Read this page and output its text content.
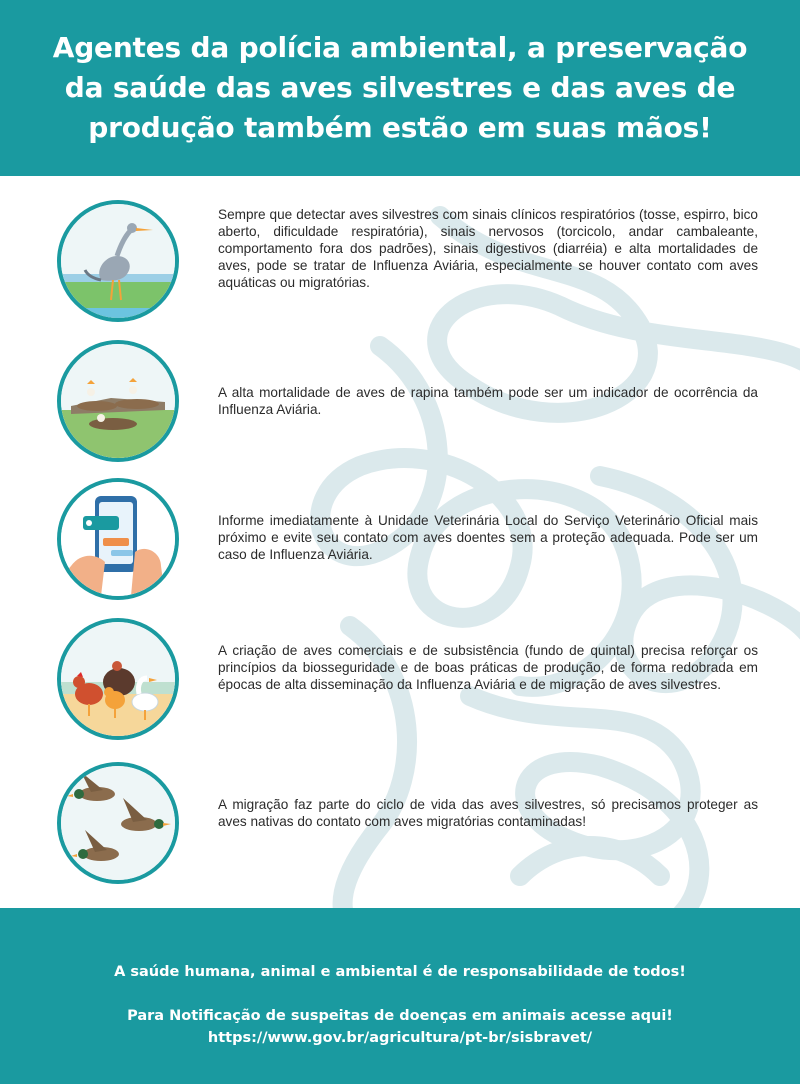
Agentes da polícia ambiental, a preservação da saúde das aves silvestres e das aves de produção também estão em suas mãos!
Sempre que detectar aves silvestres com sinais clínicos respiratórios (tosse, espirro, bico aberto, dificuldade respiratória), sinais nervosos (torcicolo, andar cambaleante, comportamento fora dos padrões), sinais digestivos (diarréia) e alta mortalidades de aves, pode se tratar de Influenza Aviária, especialmente se houver contato com aves aquáticas ou migratórias.
A alta mortalidade de aves de rapina também pode ser um indicador de ocorrência da Influenza Aviária.
Informe imediatamente à Unidade Veterinária Local do Serviço Veterinário Oficial mais próximo e evite seu contato com aves doentes sem a proteção adequada. Pode ser um caso de Influenza Aviária.
A criação de aves comerciais e de subsistência (fundo de quintal) precisa reforçar os princípios da biosseguridade e de boas práticas de produção, de forma redobrada em épocas de alta disseminação da Influenza Aviária e de migração de aves silvestres.
A migração faz parte do ciclo de vida das aves silvestres, só precisamos proteger as aves nativas do contato com aves migratórias contaminadas!
A saúde humana, animal e ambiental é de responsabilidade de todos!
Para Notificação de suspeitas de doenças em animais acesse aqui!
https://www.gov.br/agricultura/pt-br/sisbravet/
